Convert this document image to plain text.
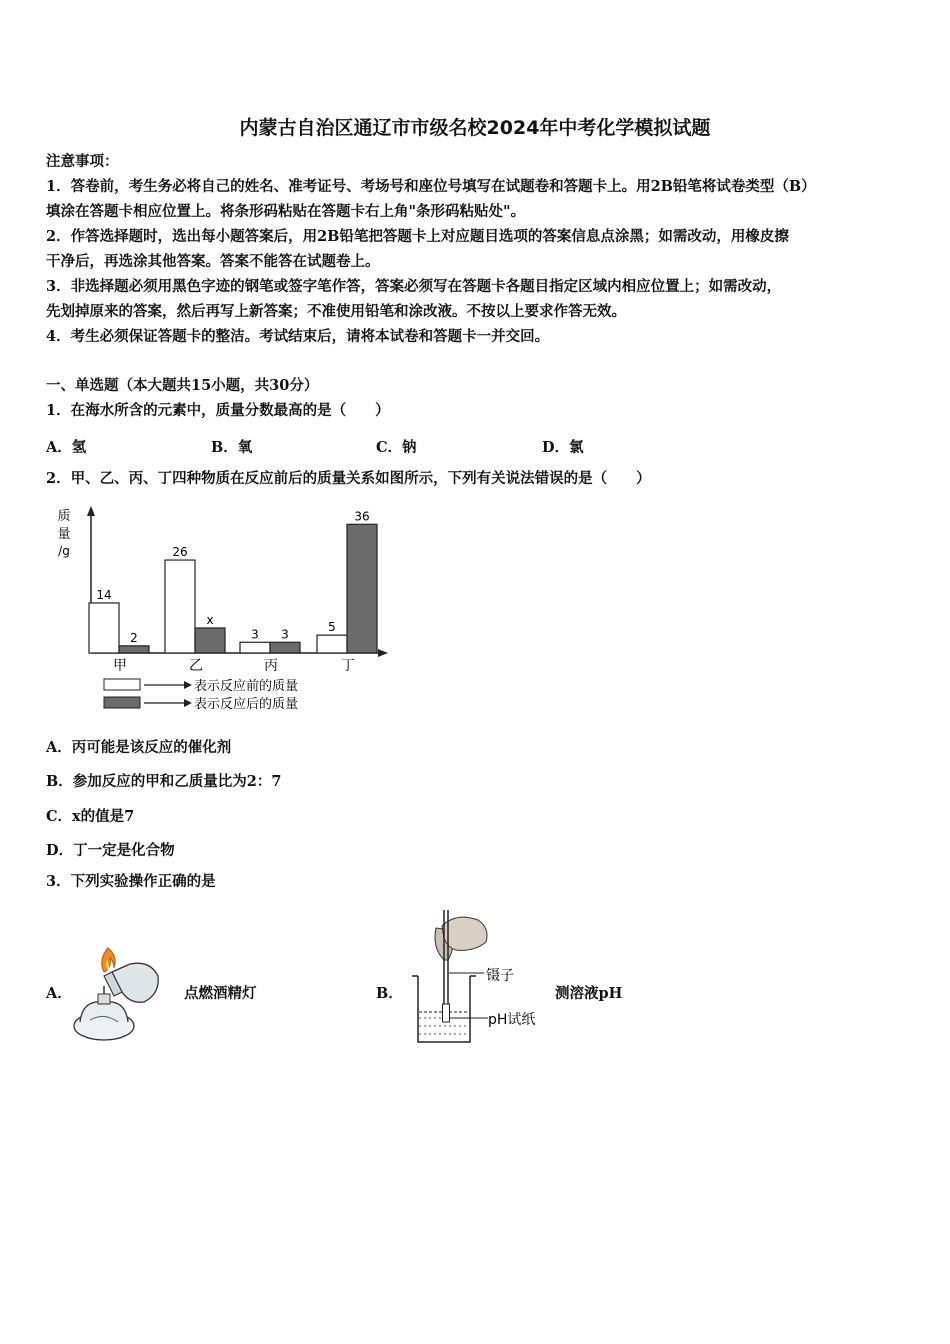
内蒙古自治区通辽市市级名校2024年中考化学模拟试题
注意事项：
1．答卷前，考生务必将自己的姓名、准考证号、考场号和座位号填写在试题卷和答题卡上。用2B铅笔将试卷类型（B）
填涂在答题卡相应位置上。将条形码粘贴在答题卡右上角"条形码粘贴处"。
2．作答选择题时，选出每小题答案后，用2B铅笔把答题卡上对应题目选项的答案信息点涂黑；如需改动，用橡皮擦
干净后，再选涂其他答案。答案不能答在试题卷上。
3．非选择题必须用黑色字迹的钢笔或签字笔作答，答案必须写在答题卡各题目指定区域内相应位置上；如需改动，
先划掉原来的答案，然后再写上新答案；不准使用铅笔和涂改液。不按以上要求作答无效。
4．考生必须保证答题卡的整洁。考试结束后，请将本试卷和答题卡一并交回。
一、单选题（本大题共15小题，共30分）
1．在海水所含的元素中，质量分数最高的是（　　）
A．氢	B．氧	C．钠	D．氯
2．甲、乙、丙、丁四种物质在反应前后的质量关系如图所示，下列有关说法错误的是（　　）
质
量
/g
14
2
26
x
3 3
5
36
甲	乙	丙	丁
表示反应前的质量
表示反应后的质量
A．丙可能是该反应的催化剂
B．参加反应的甲和乙质量比为2：7
C．x的值是7
D．丁一定是化合物
3．下列实验操作正确的是
A．	点燃酒精灯	B．
镊子
pH试纸
测溶液pH
